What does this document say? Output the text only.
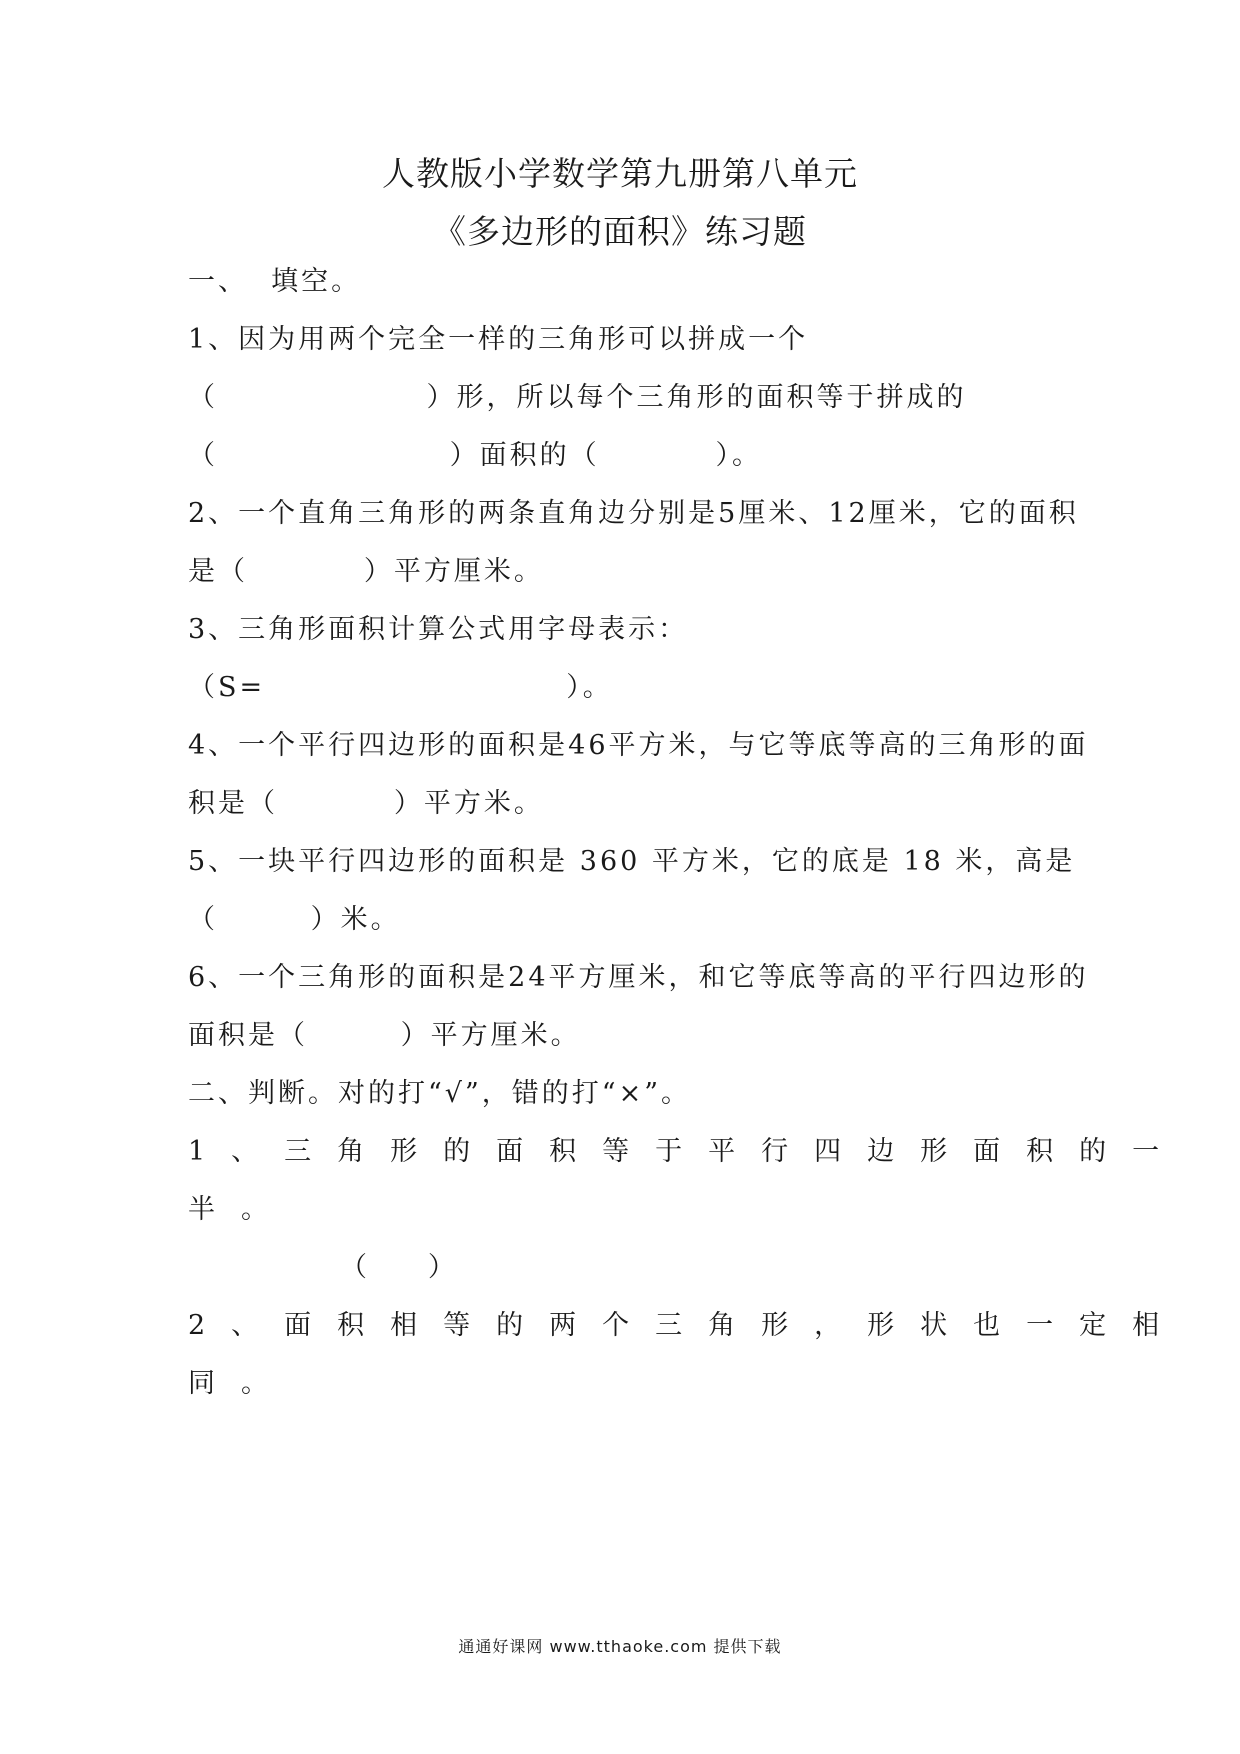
人教版小学数学第九册第八单元
《多边形的面积》练习题
一、  填空。
1、因为用两个完全一样的三角形可以拼成一个
（                  ）形，所以每个三角形的面积等于拼成的
（                    ）面积的（          ）。
2、一个直角三角形的两条直角边分别是5厘米、12厘米，它的面积
是（          ）平方厘米。
3、三角形面积计算公式用字母表示：
（S=                          ）。
4、一个平行四边形的面积是46平方米，与它等底等高的三角形的面
积是（          ）平方米。
5、一块平行四边形的面积是 360 平方米，它的底是 18 米，高是
（        ）米。
6、一个三角形的面积是24平方厘米，和它等底等高的平行四边形的
面积是（        ）平方厘米。
二、判断。对的打“√”，错的打“×”。
1、三角形的面积等于平行四边形面积的一
半。
（     ）
2、面积相等的两个三角形，形状也一定相
同。
通通好课网 www.tthaoke.com 提供下载
